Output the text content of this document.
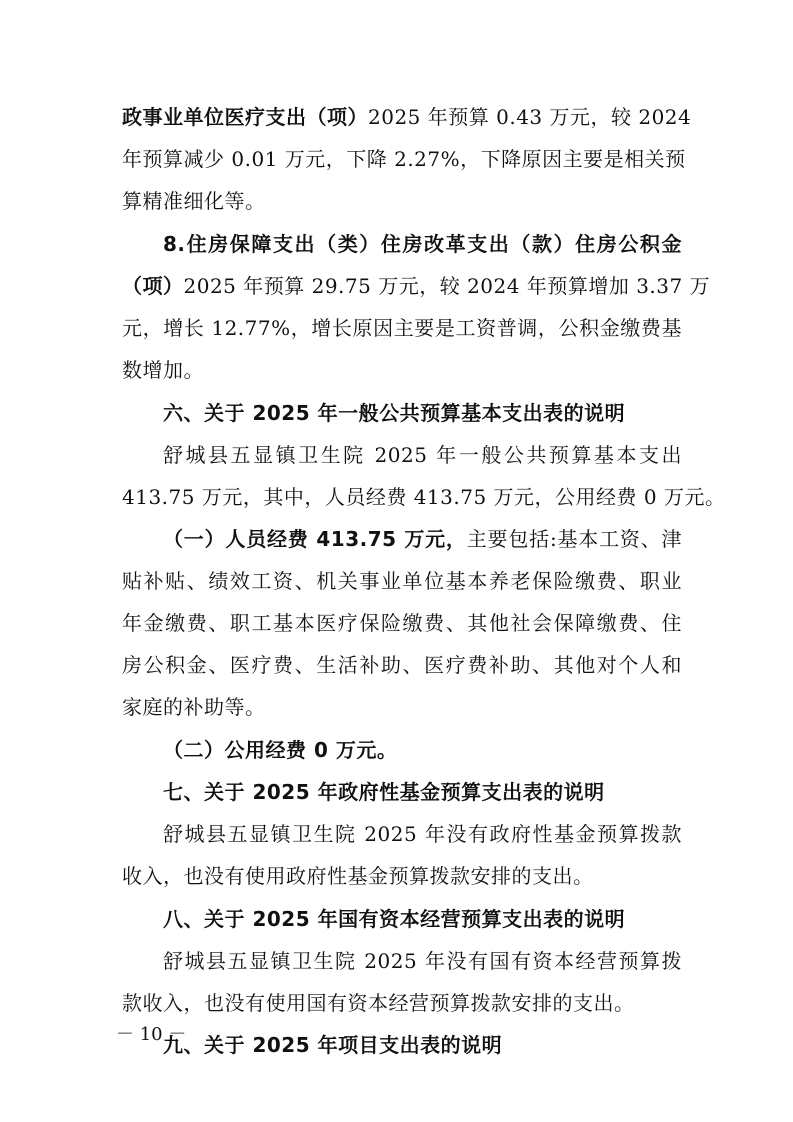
政事业单位医疗支出（项）2025 年预算 0.43 万元，较 2024
年预算减少 0.01 万元，下降 2.27%，下降原因主要是相关预
算精准细化等。
8.住房保障支出（类）住房改革支出（款）住房公积金
（项）2025 年预算 29.75 万元，较 2024 年预算增加 3.37 万
元，增长 12.77%，增长原因主要是工资普调，公积金缴费基
数增加。
六、关于 2025 年一般公共预算基本支出表的说明
舒城县五显镇卫生院 2025 年一般公共预算基本支出
413.75 万元，其中，人员经费 413.75 万元，公用经费 0 万元。
（一）人员经费 413.75 万元，主要包括:基本工资、津
贴补贴、绩效工资、机关事业单位基本养老保险缴费、职业
年金缴费、职工基本医疗保险缴费、其他社会保障缴费、住
房公积金、医疗费、生活补助、医疗费补助、其他对个人和
家庭的补助等。
（二）公用经费 0 万元。
七、关于 2025 年政府性基金预算支出表的说明
舒城县五显镇卫生院 2025 年没有政府性基金预算拨款
收入，也没有使用政府性基金预算拨款安排的支出。
八、关于 2025 年国有资本经营预算支出表的说明
舒城县五显镇卫生院 2025 年没有国有资本经营预算拨
款收入，也没有使用国有资本经营预算拨款安排的支出。
－ 10 －
九、关于 2025 年项目支出表的说明
